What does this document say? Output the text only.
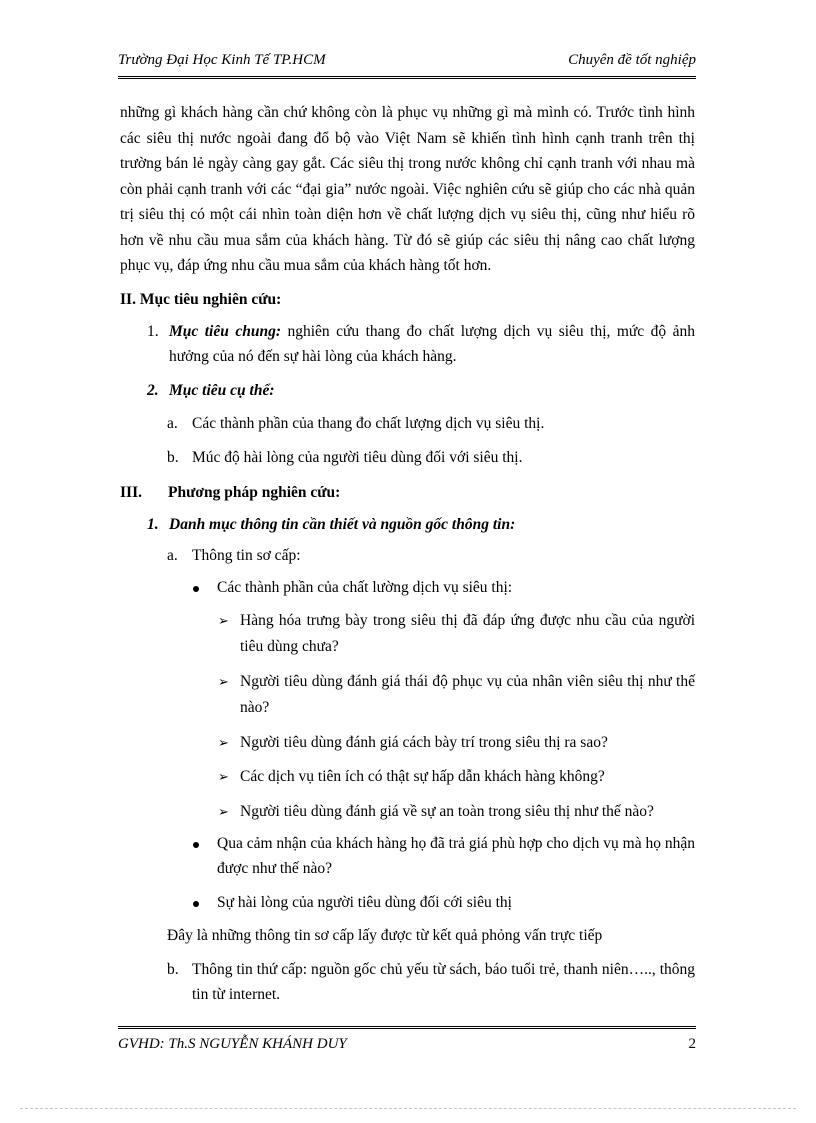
Trường Đại Học Kinh Tế TP.HCM	Chuyên đề tốt nghiệp

những gì khách hàng cần chứ không còn là phục vụ những gì mà mình có. Trước tình hình các siêu thị nước ngoài đang đổ bộ vào Việt Nam sẽ khiến tình hình cạnh tranh trên thị trường bán lẻ ngày càng gay gắt. Các siêu thị trong nước không chỉ cạnh tranh với nhau mà còn phải cạnh tranh với các “đại gia” nước ngoài. Việc nghiên cứu sẽ giúp cho các nhà quản trị siêu thị có một cái nhìn toàn diện hơn về chất lượng dịch vụ siêu thị, cũng như hiểu rõ hơn về nhu cầu mua sắm của khách hàng. Từ đó sẽ giúp các siêu thị nâng cao chất lượng phục vụ, đáp ứng nhu cầu mua sắm của khách hàng tốt hơn.

II. Mục tiêu nghiên cứu:
1. Mục tiêu chung: nghiên cứu thang đo chất lượng dịch vụ siêu thị, mức độ ảnh hưởng của nó đến sự hài lòng của khách hàng.
2. Mục tiêu cụ thể:
a. Các thành phần của thang đo chất lượng dịch vụ siêu thị.
b. Múc độ hài lòng của người tiêu dùng đối với siêu thị.
III.	Phương pháp nghiên cứu:
1. Danh mục thông tin cần thiết và nguồn gốc thông tin:
a. Thông tin sơ cấp:
Các thành phần của chất lường dịch vụ siêu thị:
➢ Hàng hóa trưng bày trong siêu thị đã đáp ứng được nhu cầu của người tiêu dùng chưa?
➢ Người tiêu dùng đánh giá thái độ phục vụ của nhân viên siêu thị như thế nào?
➢ Người tiêu dùng đánh giá cách bày trí trong siêu thị ra sao?
➢ Các dịch vụ tiên ích có thật sự hấp dẫn khách hàng không?
➢ Người tiêu dùng đánh giá về sự an toàn trong siêu thị như thế nào?
Qua cảm nhận của khách hàng họ đã trả giá phù hợp cho dịch vụ mà họ nhận được như thế nào?
Sự hài lòng của người tiêu dùng đối cới siêu thị
Đây là những thông tin sơ cấp lấy được từ kết quả phỏng vấn trực tiếp
b. Thông tin thứ cấp: nguồn gốc chủ yếu từ sách, báo tuổi trẻ, thanh niên….., thông tin từ internet.
GVHD: Th.S NGUYỄN KHÁNH DUY	2
